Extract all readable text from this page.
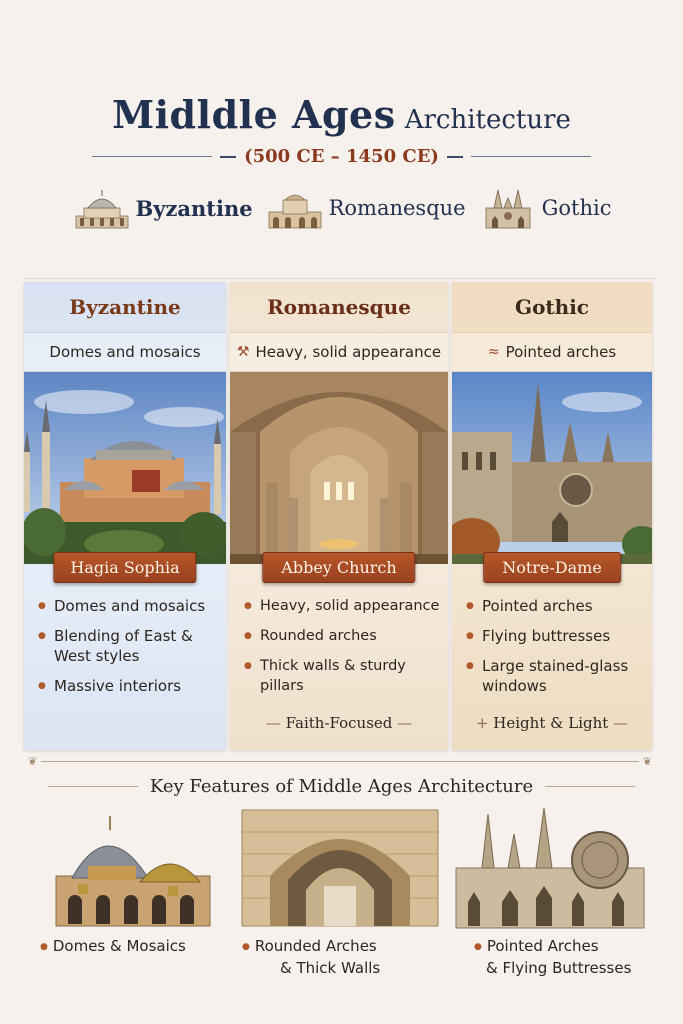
Midldle Ages Architecture
(500 CE – 1450 CE)
Byzantine	Romanesque	Gothic
Byzantine
Domes and mosaics
Hagia Sophia
● Domes and mosaics
● Blending of East & West styles
● Massive interiors
Romanesque
⚒ Heavy, solid appearance
Abbey Church
● Heavy, solid appearance
● Rounded arches
● Thick walls & sturdy pillars
— Faith-Focused —
Gothic
≈ Pointed arches
Notre-Dame
● Pointed arches
● Flying buttresses
● Large stained-glass windows
+ Height & Light —
❦	❦
Key Features of Middle Ages Architecture
● Domes & Mosaics	● Rounded Arches
& Thick Walls
● Pointed Arches
& Flying Buttresses
